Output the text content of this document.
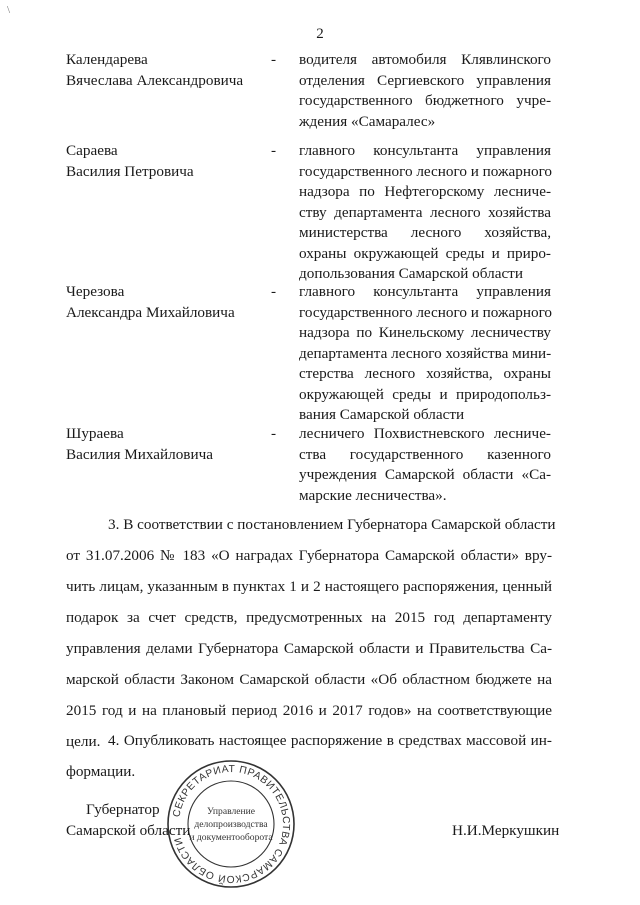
\
2
Календарева
Вячеслава Александровича
- водителя автомобиля Клявлинского
отделения Сергиевского управления
государственного бюджетного учре-
ждения «Самаралес»
Сараева
Василия Петровича
- главного консультанта управления
государственного лесного и пожарного
надзора по Нефтегорскому лесниче-
ству департамента лесного хозяйства
министерства лесного хозяйства,
охраны окружающей среды и приро-
допользования Самарской области
Черезова
Александра Михайловича
- главного консультанта управления
государственного лесного и пожарного
надзора по Кинельскому лесничеству
департамента лесного хозяйства мини-
стерства лесного хозяйства, охраны
окружающей среды и природопольз-
вания Самарской области
Шураева
Василия Михайловича
- лесничего Похвистневского лесниче-
ства государственного казенного
учреждения Самарской области «Са-
марские лесничества».
3. В соответствии с постановлением Губернатора Самарской области
от 31.07.2006 № 183 «О наградах Губернатора Самарской области» вру-
чить лицам, указанным в пунктах 1 и 2 настоящего распоряжения, ценный
подарок за счет средств, предусмотренных на 2015 год департаменту
управления делами Губернатора Самарской области и Правительства Са-
марской области Законом Самарской области «Об областном бюджете на
2015 год и на плановый период 2016 и 2017 годов» на соответствующие
цели. 4. Опубликовать настоящее распоряжение в средствах массовой ин-
формации.
СЕКРЕТАРИАТ ПРАВИТЕЛЬСТВА САМАРСКОЙ ОБЛАСТИ
Управление
делопроизводства
и документооборота
Губернатор
Самарской области	Н.И.Меркушкин
